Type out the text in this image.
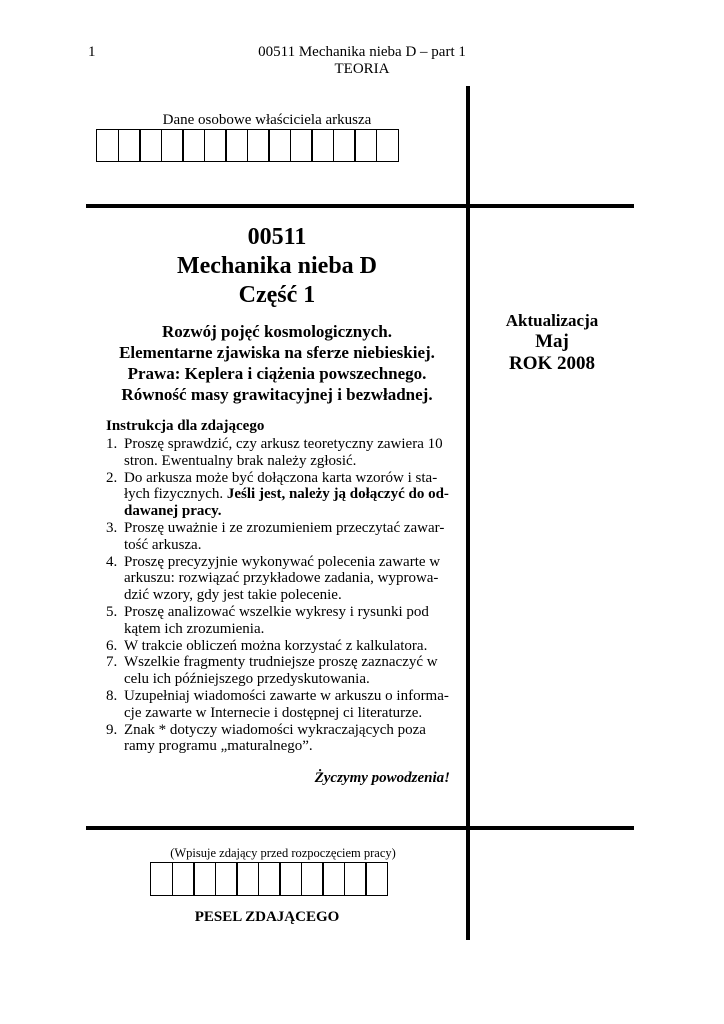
1	00511 Mechanika nieba D – part 1
TEORIA
Dane osobowe właściciela arkusza
00511
Mechanika nieba D
Część 1
Rozwój pojęć kosmologicznych.
Elementarne zjawiska na sferze niebieskiej.
Prawa: Keplera i ciążenia powszechnego.
Równość masy grawitacyjnej i bezwładnej.
Aktualizacja
Maj
ROK 2008
Instrukcja dla zdającego
1. Proszę sprawdzić, czy arkusz teoretyczny zawiera 10
stron. Ewentualny brak należy zgłosić.
2. Do arkusza może być dołączona karta wzorów i sta-
łych fizycznych. Jeśli jest, należy ją dołączyć do od-
dawanej pracy.
3. Proszę uważnie i ze zrozumieniem przeczytać zawar-
tość arkusza.
4. Proszę precyzyjnie wykonywać polecenia zawarte w
arkuszu: rozwiązać przykładowe zadania, wyprowa-
dzić wzory, gdy jest takie polecenie.
5. Proszę analizować wszelkie wykresy i rysunki pod
kątem ich zrozumienia.
6. W trakcie obliczeń można korzystać z kalkulatora.
7. Wszelkie fragmenty trudniejsze proszę zaznaczyć w
celu ich późniejszego przedyskutowania.
8. Uzupełniaj wiadomości zawarte w arkuszu o informa-
cje zawarte w Internecie i dostępnej ci literaturze.
9. Znak * dotyczy wiadomości wykraczających poza
ramy programu „maturalnego”.
Życzymy powodzenia!
(Wpisuje zdający przed rozpoczęciem pracy)
PESEL ZDAJĄCEGO
